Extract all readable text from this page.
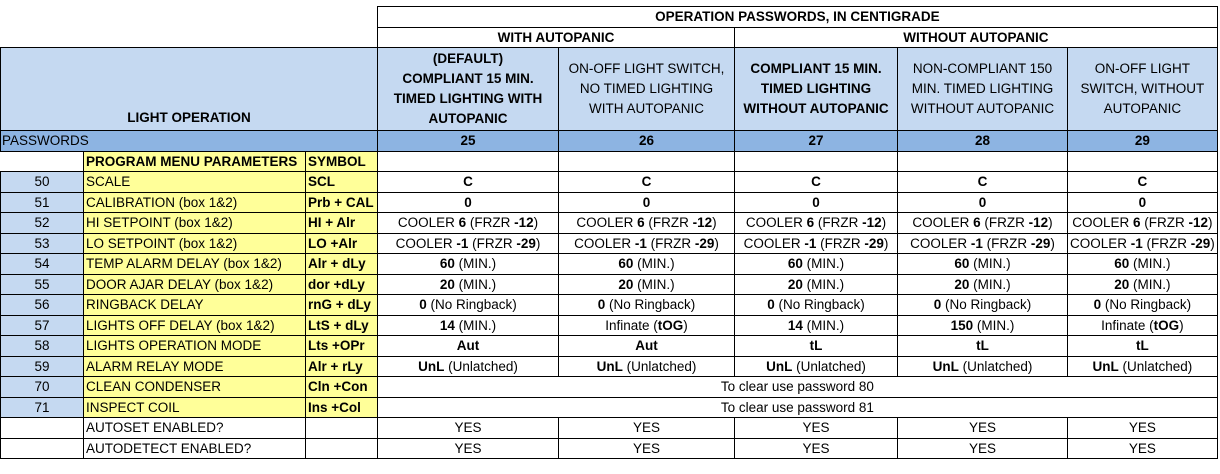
			OPERATION PASSWORDS, IN CENTIGRADE				
			WITH AUTOPANIC		WITHOUT AUTOPANIC		
LIGHT OPERATION			(DEFAULT)
COMPLIANT 15 MIN.
TIMED LIGHTING WITH
AUTOPANIC	ON-OFF LIGHT SWITCH,
NO TIMED LIGHTING
WITH AUTOPANIC	COMPLIANT 15 MIN.
TIMED LIGHTING
WITHOUT AUTOPANIC	NON-COMPLIANT 150
MIN. TIMED LIGHTING
WITHOUT AUTOPANIC	ON-OFF LIGHT
SWITCH, WITHOUT
AUTOPANIC
PASSWORDS			25	26	27	28	29
	PROGRAM MENU PARAMETERS	SYMBOL					
50	SCALE	SCL	C	C	C	C	C
51	CALIBRATION (box 1&2)	Prb + CAL	0	0	0	0	0
52	HI SETPOINT (box 1&2)	HI + Alr	COOLER 6 (FRZR -12)	COOLER 6 (FRZR -12)	COOLER 6 (FRZR -12)	COOLER 6 (FRZR -12)	COOLER 6 (FRZR -12)
53	LO SETPOINT (box 1&2)	LO +Alr	COOLER -1 (FRZR -29)	COOLER -1 (FRZR -29)	COOLER -1 (FRZR -29)	COOLER -1 (FRZR -29)	COOLER -1 (FRZR -29)
54	TEMP ALARM DELAY (box 1&2)	Alr + dLy	60 (MIN.)	60 (MIN.)	60 (MIN.)	60 (MIN.)	60 (MIN.)
55	DOOR AJAR DELAY (box 1&2)	dor +dLy	20 (MIN.)	20 (MIN.)	20 (MIN.)	20 (MIN.)	20 (MIN.)
56	RINGBACK DELAY	rnG + dLy	0 (No Ringback)	0 (No Ringback)	0 (No Ringback)	0 (No Ringback)	0 (No Ringback)
57	LIGHTS OFF DELAY (box 1&2)	LtS + dLy	14 (MIN.)	Infinate (tOG)	14 (MIN.)	150 (MIN.)	Infinate (tOG)
58	LIGHTS OPERATION MODE	Lts +OPr	Aut	Aut	tL	tL	tL
59	ALARM RELAY MODE	Alr + rLy	UnL (Unlatched)	UnL (Unlatched)	UnL (Unlatched)	UnL (Unlatched)	UnL (Unlatched)
70	CLEAN CONDENSER	Cln +Con	To clear use password 80				
71	INSPECT COIL	Ins +Col	To clear use password 81				
	AUTOSET ENABLED?		YES	YES	YES	YES	YES
	AUTODETECT ENABLED?		YES	YES	YES	YES	YES
